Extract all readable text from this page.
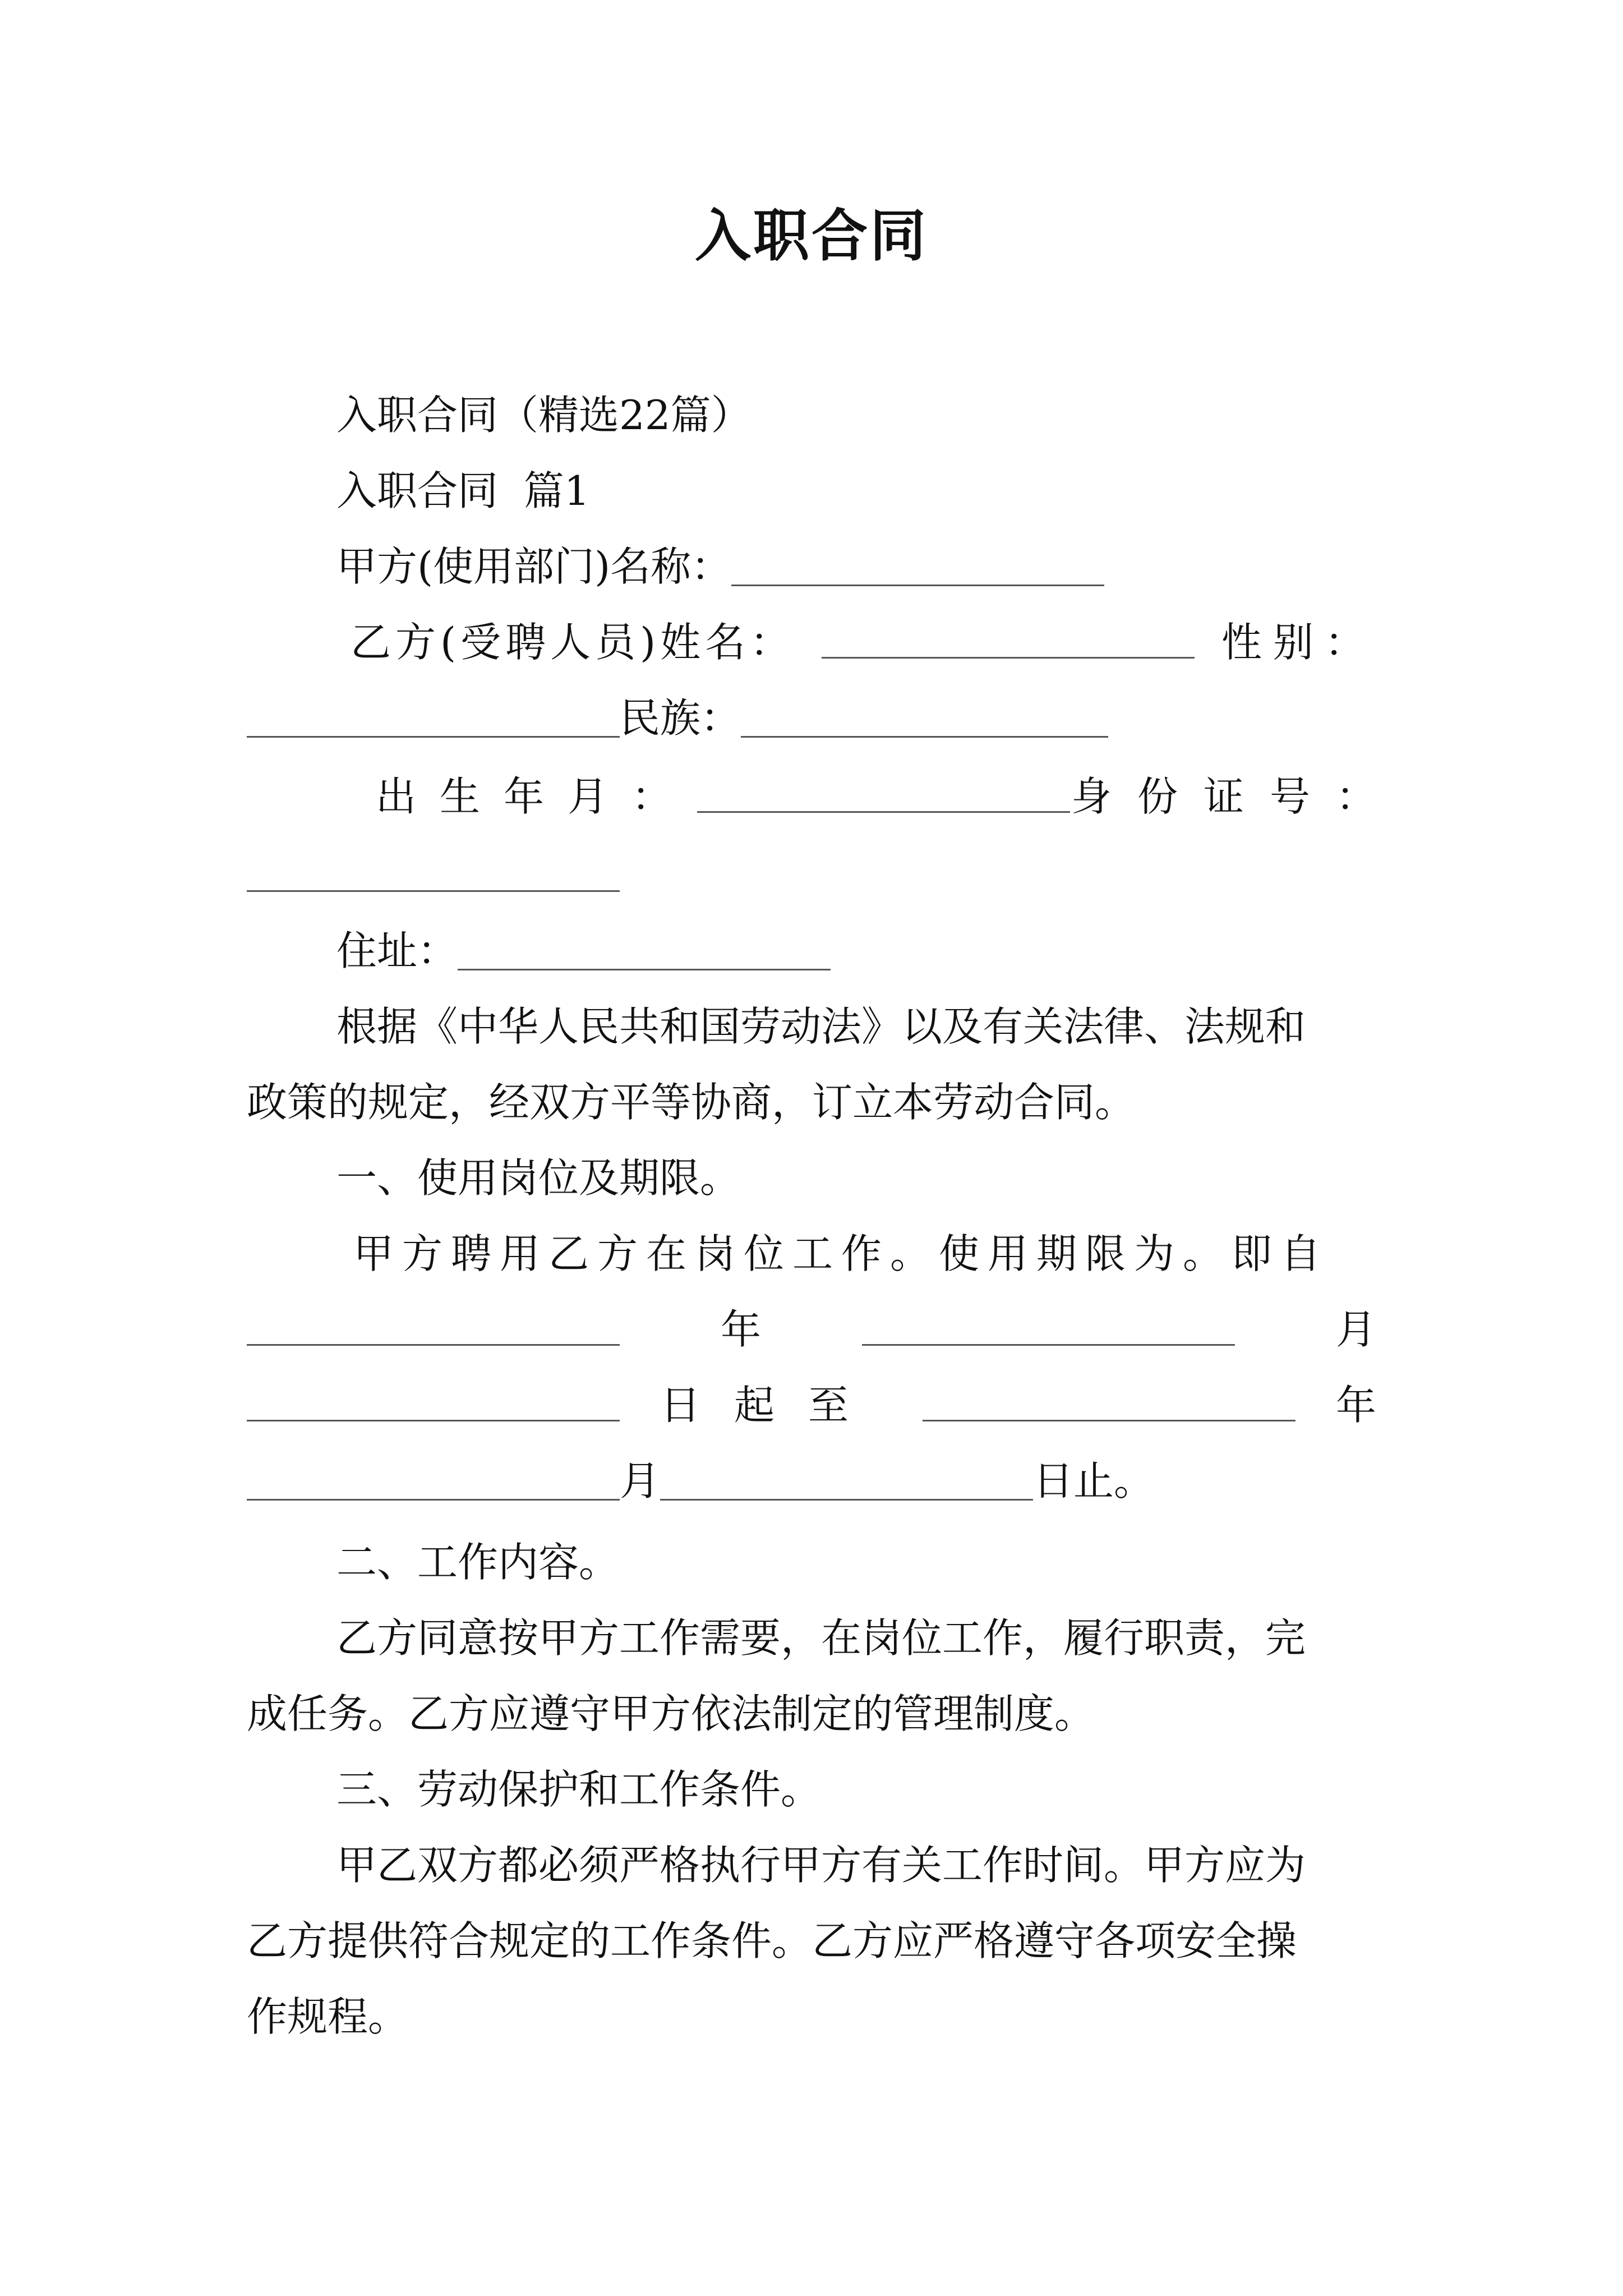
入职合同
入职合同（精选22篇）
入职合同  篇1
甲方(使用部门)名称：
乙方(受聘人员)姓名：	性别：
民族：
出生年月：	身份证号：
住址：
根据《中华人民共和国劳动法》以及有关法律、法规和
政策的规定，经双方平等协商，订立本劳动合同。
一、使用岗位及期限。
甲方聘用乙方在岗位工作。使用期限为。即自
年	月
日起至	年
月	日止。
二、工作内容。
乙方同意按甲方工作需要，在岗位工作，履行职责，完
成任务。乙方应遵守甲方依法制定的管理制度。
三、劳动保护和工作条件。
甲乙双方都必须严格执行甲方有关工作时间。甲方应为
乙方提供符合规定的工作条件。乙方应严格遵守各项安全操
作规程。
